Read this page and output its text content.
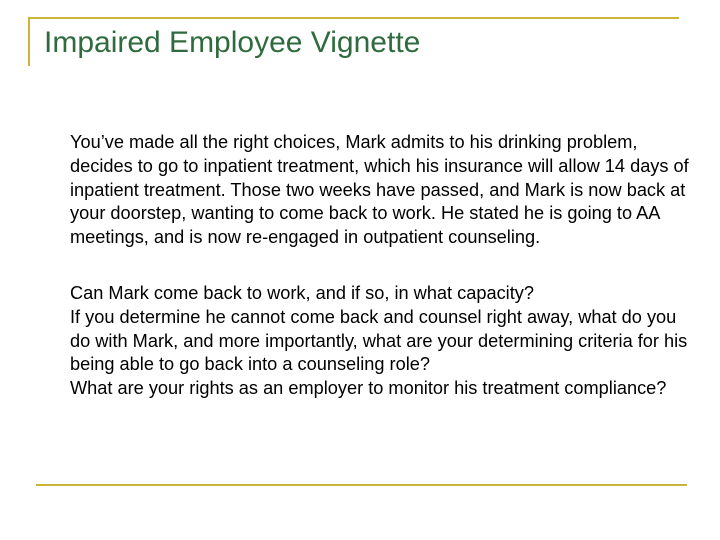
Impaired Employee Vignette

You’ve made all the right choices, Mark admits to his drinking problem, decides to go to inpatient treatment, which his insurance will allow 14 days of inpatient treatment. Those two weeks have passed, and Mark is now back at your doorstep, wanting to come back to work. He stated he is going to AA meetings, and is now re-engaged in outpatient counseling.

Can Mark come back to work, and if so, in what capacity?

If you determine he cannot come back and counsel right away, what do you do with Mark, and more importantly, what are your determining criteria for his being able to go back into a counseling role?

What are your rights as an employer to monitor his treatment compliance?
